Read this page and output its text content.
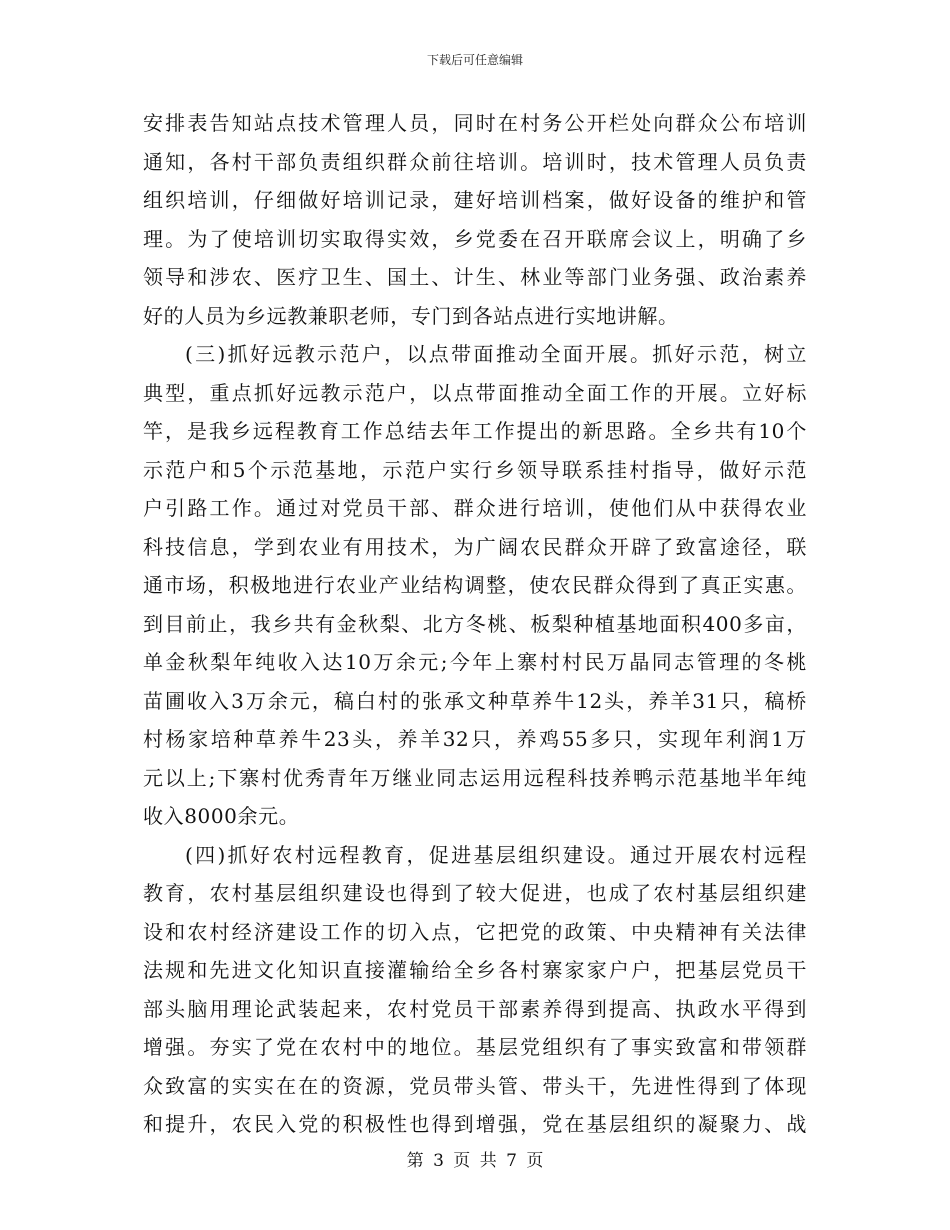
下载后可任意编辑
安排表告知站点技术管理人员，同时在村务公开栏处向群众公布培训
通知，各村干部负责组织群众前往培训。培训时，技术管理人员负责
组织培训，仔细做好培训记录，建好培训档案，做好设备的维护和管
理。为了使培训切实取得实效，乡党委在召开联席会议上，明确了乡
领导和涉农、医疗卫生、国土、计生、林业等部门业务强、政治素养
好的人员为乡远教兼职老师，专门到各站点进行实地讲解。
(三)抓好远教示范户，以点带面推动全面开展。抓好示范，树立
典型，重点抓好远教示范户，以点带面推动全面工作的开展。立好标
竿，是我乡远程教育工作总结去年工作提出的新思路。全乡共有10个
示范户和5个示范基地，示范户实行乡领导联系挂村指导，做好示范
户引路工作。通过对党员干部、群众进行培训，使他们从中获得农业
科技信息，学到农业有用技术，为广阔农民群众开辟了致富途径，联
通市场，积极地进行农业产业结构调整，使农民群众得到了真正实惠。
到目前止，我乡共有金秋梨、北方冬桃、板梨种植基地面积400多亩，
单金秋梨年纯收入达10万余元;今年上寨村村民万晶同志管理的冬桃
苗圃收入3万余元，稿白村的张承文种草养牛12头，养羊31只，稿桥
村杨家培种草养牛23头，养羊32只，养鸡55多只，实现年利润1万
元以上;下寨村优秀青年万继业同志运用远程科技养鸭示范基地半年纯
收入8000余元。
(四)抓好农村远程教育，促进基层组织建设。通过开展农村远程
教育，农村基层组织建设也得到了较大促进，也成了农村基层组织建
设和农村经济建设工作的切入点，它把党的政策、中央精神有关法律
法规和先进文化知识直接灌输给全乡各村寨家家户户，把基层党员干
部头脑用理论武装起来，农村党员干部素养得到提高、执政水平得到
增强。夯实了党在农村中的地位。基层党组织有了事实致富和带领群
众致富的实实在在的资源，党员带头管、带头干，先进性得到了体现
和提升，农民入党的积极性也得到增强，党在基层组织的凝聚力、战
第 3 页 共 7 页
